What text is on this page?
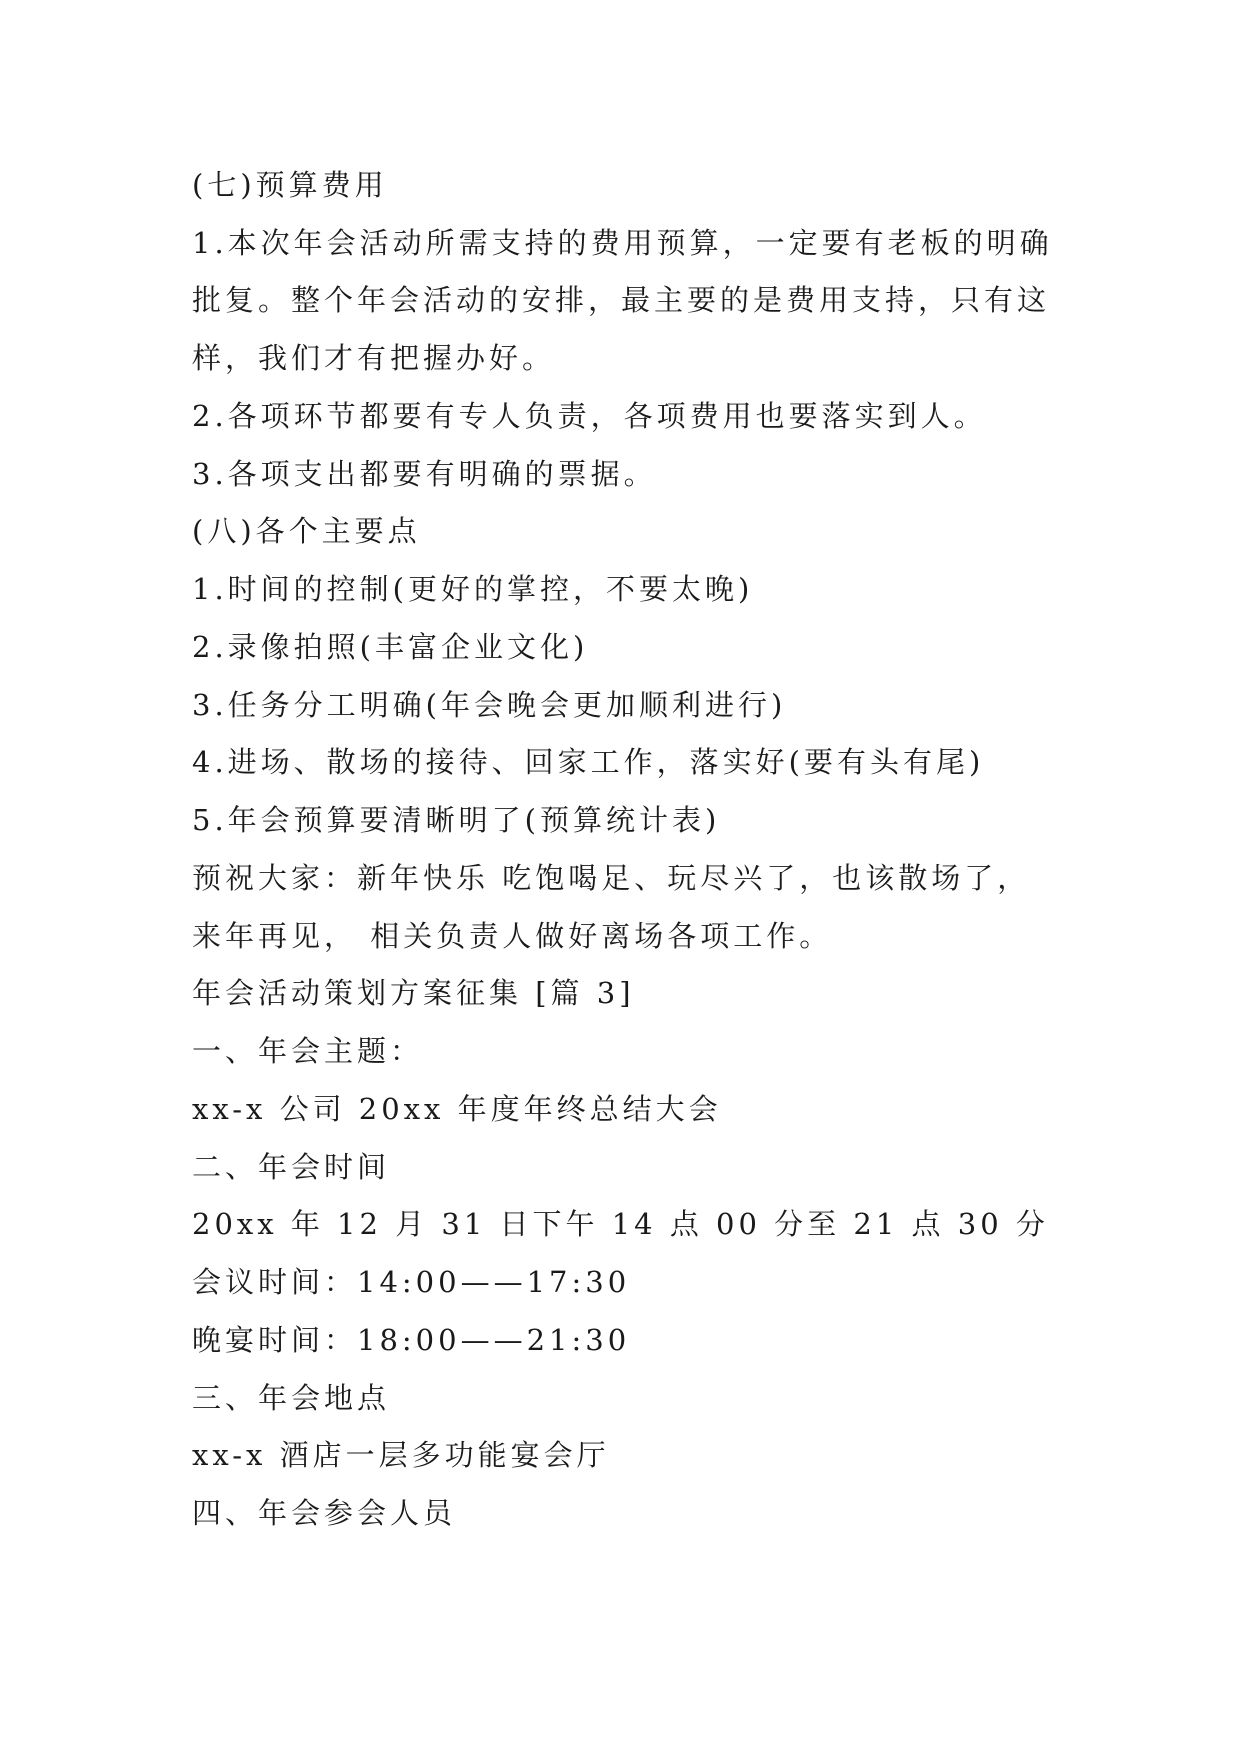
(七)预算费用

1.本次年会活动所需支持的费用预算，一定要有老板的明确

批复。整个年会活动的安排，最主要的是费用支持，只有这

样，我们才有把握办好。

2.各项环节都要有专人负责，各项费用也要落实到人。

3.各项支出都要有明确的票据。

(八)各个主要点

1.时间的控制(更好的掌控，不要太晚)

2.录像拍照(丰富企业文化)

3.任务分工明确(年会晚会更加顺利进行)

4.进场、散场的接待、回家工作，落实好(要有头有尾)

5.年会预算要清晰明了(预算统计表)

预祝大家：新年快乐 吃饱喝足、玩尽兴了，也该散场了，

来年再见， 相关负责人做好离场各项工作。

年会活动策划方案征集 [篇 3]

一、年会主题：

xx-x 公司 20xx 年度年终总结大会

二、年会时间

20xx 年 12 月 31 日下午 14 点 00 分至 21 点 30 分

会议时间：14:00——17:30

晚宴时间：18:00——21:30

三、年会地点

xx-x 酒店一层多功能宴会厅

四、年会参会人员
